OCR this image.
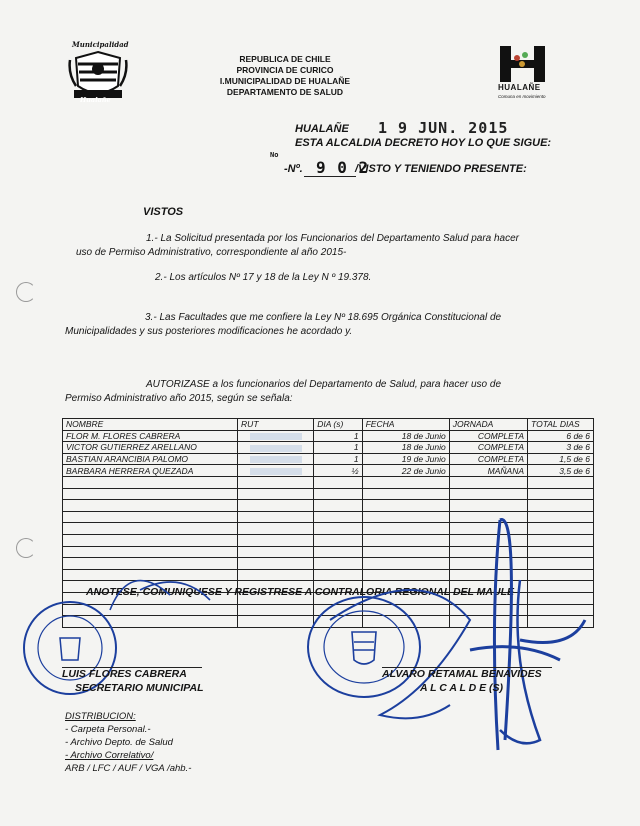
Municipalidad
Hualañe
REPUBLICA DE CHILE
PROVINCIA DE CURICO
I.MUNICIPALIDAD DE HUALAÑE
DEPARTAMENTO DE SALUD	HUALAÑE
Comuna en movimiento
HUALAÑE 1 9 JUN. 2015
ESTA ALCALDIA DECRETO HOY LO QUE SIGUE:
No
-Nº. 9 0 2
/VISTO Y TENIENDO PRESENTE:
VISTOS
1.- La Solicitud presentada por los Funcionarios del Departamento Salud para hacer
uso de Permiso Administrativo, correspondiente al año 2015-
2.- Los artículos Nº 17 y 18 de la Ley N º 19.378.
3.- Las Facultades que me confiere la Ley Nº 18.695 Orgánica Constitucional de
Municipalidades y sus posteriores modificaciones he acordado y.
AUTORIZASE a los funcionarios del Departamento de Salud, para hacer uso de
Permiso Administrativo año 2015, según se señala:
NOMBRE	RUT	DIA (s)	FECHA	JORNADA	TOTAL DIAS
FLOR M. FLORES CABRERA		1	18 de Junio	COMPLETA	6 de 6
VICTOR GUTIERREZ ARELLANO		1	18 de Junio	COMPLETA	3 de 6
BASTIAN ARANCIBIA PALOMO		1	19 de Junio	COMPLETA	1,5 de 6
BARBARA HERRERA QUEZADA		½	22 de Junio	MAÑANA	3,5 de 6

ANOTESE, COMUNIQUESE Y REGISTRESE A CONTRALORIA REGIONAL DEL MAULE
LUIS FLORES CABRERA
SECRETARIO MUNICIPAL
ALVARO RETAMAL BENAVIDES
A L C A L D E (S)
DISTRIBUCION:
- Carpeta Personal.-
- Archivo Depto. de Salud
- Archivo Correlativo/
ARB / LFC / AUF / VGA /ahb.-
